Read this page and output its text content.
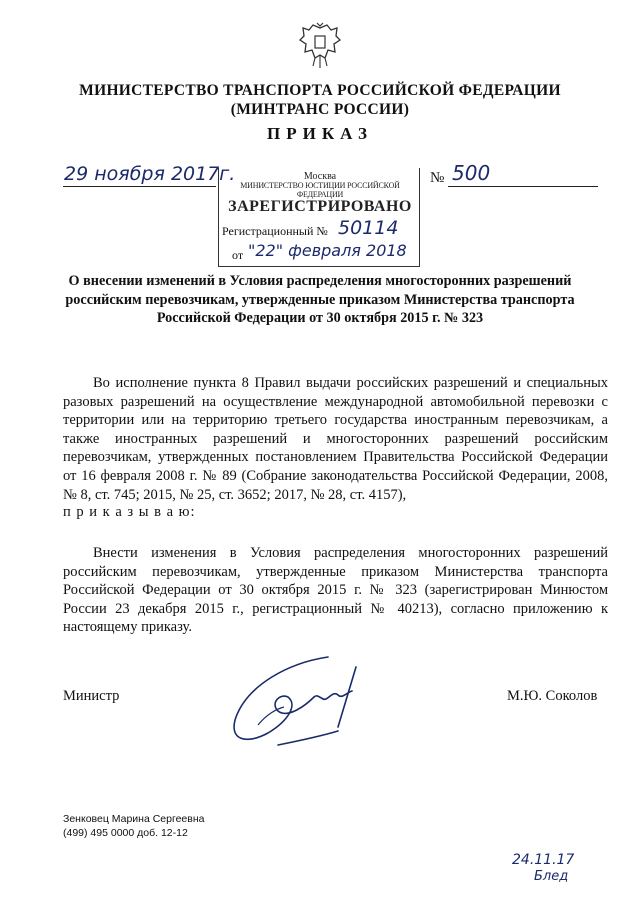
МИНИСТЕРСТВО ТРАНСПОРТА РОССИЙСКОЙ ФЕДЕРАЦИИ
(МИНТРАНС РОССИИ)
ПРИКАЗ
29 ноября 2017г.	№ 500
Москва
МИНИСТЕРСТВО ЮСТИЦИИ РОССИЙСКОЙ ФЕДЕРАЦИИ
ЗАРЕГИСТРИРОВАНО
Регистрационный № 50114
от "22" февраля 2018
О внесении изменений в Условия распределения многосторонних разрешений российским перевозчикам, утвержденные приказом Министерства транспорта Российской Федерации от 30 октября 2015 г. № 323
Во исполнение пункта 8 Правил выдачи российских разрешений и специальных разовых разрешений на осуществление международной автомобильной перевозки с территории или на территорию третьего государства иностранным перевозчикам, а также иностранных разрешений и многосторонних разрешений российским перевозчикам, утвержденных постановлением Правительства Российской Федерации от 16 февраля 2008 г. № 89 (Собрание законодательства Российской Федерации, 2008, № 8, ст. 745; 2015, № 25, ст. 3652; 2017, № 28, ст. 4157),
п р и к а з ы в а ю:
Внести изменения в Условия распределения многосторонних разрешений российским перевозчикам, утвержденные приказом Министерства транспорта Российской Федерации от 30 октября 2015 г. № 323 (зарегистрирован Минюстом России 23 декабря 2015 г., регистрационный № 40213), согласно приложению к настоящему приказу.
Министр	М.Ю. Соколов
Зенковец Марина Сергеевна
(499) 495 0000 доб. 12-12
24.11.17
Блед
